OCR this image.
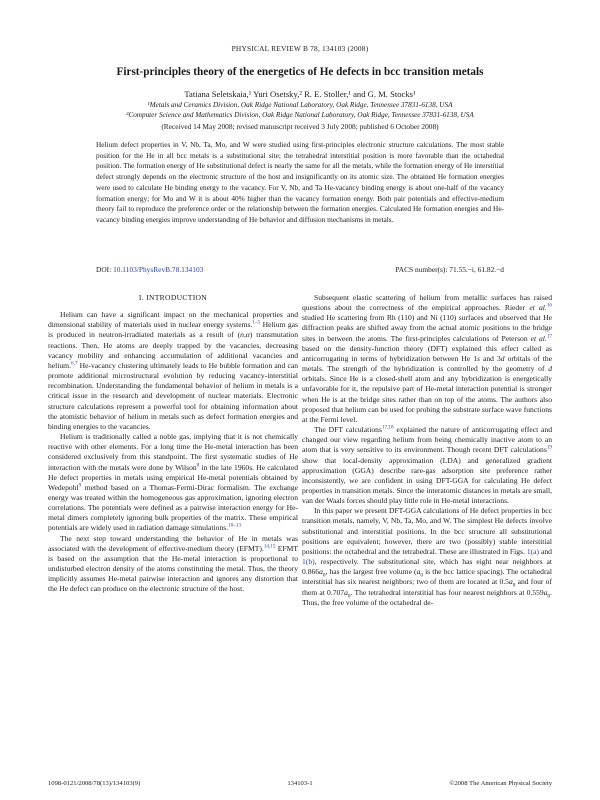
PHYSICAL REVIEW B 78, 134103 (2008)
First-principles theory of the energetics of He defects in bcc transition metals
Tatiana Seletskaia,¹ Yuri Osetsky,² R. E. Stoller,¹ and G. M. Stocks¹
¹Metals and Ceramics Division, Oak Ridge National Laboratory, Oak Ridge, Tennessee 37831-6138, USA
²Computer Science and Mathematics Division, Oak Ridge National Laboratory, Oak Ridge, Tennessee 37831-6138, USA
(Received 14 May 2008; revised manuscript received 3 July 2008; published 6 October 2008)
Helium defect properties in V, Nb, Ta, Mo, and W were studied using first-principles electronic structure calculations. The most stable position for the He in all bcc metals is a substitutional site; the tetrahedral interstitial position is more favorable than the octahedral position. The formation energy of He substitutional defect is nearly the same for all the metals, while the formation energy of He interstitial defect strongly depends on the electronic structure of the host and insignificantly on its atomic size. The obtained He formation energies were used to calculate He binding energy to the vacancy. For V, Nb, and Ta He-vacancy binding energy is about one-half of the vacancy formation energy; for Mo and W it is about 40% higher than the vacancy formation energy. Both pair potentials and effective-medium theory fail to reproduce the preference order or the relationship between the formation energies. Calculated He formation energies and He-vacancy binding energies improve understanding of He behavior and diffusion mechanisms in metals.
DOI: 10.1103/PhysRevB.78.134103	PACS number(s): 71.55.−i, 61.82.−d
I. INTRODUCTION

Helium can have a significant impact on the mechanical properties and dimensional stability of materials used in nuclear energy systems.$^{1-5}$ Helium gas is produced in neutron-irradiated materials as a result of (n,α) transmutation reactions. Then, He atoms are deeply trapped by the vacancies, decreasing vacancy mobility and enhancing accumulation of additional vacancies and helium.$^{6,7}$ He-vacancy clustering ultimately leads to He bubble formation and can promote additional microstructural evolution by reducing vacancy-interstitial recombination. Understanding the fundamental behavior of helium in metals is a critical issue in the research and development of nuclear materials. Electronic structure calculations represent a powerful tool for obtaining information about the atomistic behavior of helium in metals such as defect formation energies and binding energies to the vacancies.

Helium is traditionally called a noble gas, implying that it is not chemically reactive with other elements. For a long time the He-metal interaction has been considered exclusively from this standpoint. The first systematic studies of He interaction with the metals were done by Wilson$^8$ in the late 1960s. He calculated He defect properties in metals using empirical He-metal potentials obtained by Wedepohl$^9$ method based on a Thomas-Fermi-Dirac formalism. The exchange energy was treated within the homogeneous gas approximation, ignoring electron correlations. The potentials were defined as a pairwise interaction energy for He-metal dimers completely ignoring bulk properties of the matrix. These empirical potentials are widely used in radiation damage simulations.$^{10-13}$

The next step toward understanding the behavior of He in metals was associated with the development of effective-medium theory (EFMT).$^{14,15}$ EFMT is based on the assumption that the He-metal interaction is proportional to undisturbed electron density of the atoms constituting the metal. Thus, the theory implicitly assumes He-metal pairwise interaction and ignores any distortion that the He defect can produce on the electronic structure of the host.

Subsequent elastic scattering of helium from metallic surfaces has raised questions about the correctness of the empirical approaches. Rieder et al.$^{16}$ studied He scattering from Rh (110) and Ni (110) surfaces and observed that He diffraction peaks are shifted away from the actual atomic positions to the bridge sites in between the atoms. The first-principles calculations of Peterson et al.$^{17}$ based on the density-function theory (DFT) explained this effect called as anticorrugating in terms of hybridization between He 1s and 3d orbitals of the metals. The strength of the hybridization is controlled by the geometry of d orbitals. Since He is a closed-shell atom and any hybridization is energetically unfavorable for it, the repulsive part of He-metal interaction potential is stronger when He is at the bridge sites rather than on top of the atoms. The authors also proposed that helium can be used for probing the substrate surface wave functions at the Fermi level.

The DFT calculations$^{17,18}$ explained the nature of anticorrugating effect and changed our view regarding helium from being chemically inactive atom to an atom that is very sensitive to its environment. Though recent DFT calculations$^{19}$ show that local-density approximation (LDA) and generalized gradient approximation (GGA) describe rare-gas adsorption site preference rather inconsistently, we are confident in using DFT-GGA for calculating He defect properties in transition metals. Since the interatomic distances in metals are small, van der Waals forces should play little role in He-metal interactions.

In this paper we present DFT-GGA calculations of He defect properties in bcc transition metals, namely, V, Nb, Ta, Mo, and W. The simplest He defects involve substitutional and interstitial positions. In the bcc structure all substitutional positions are equivalent; however, there are two (possibly) stable interstitial positions: the octahedral and the tetrahedral. These are illustrated in Figs. 1(a) and 1(b), respectively. The substitutional site, which has eight near neighbors at $0.866a_0$, has the largest free volume ($a_0$ is the bcc lattice spacing). The octahedral interstitial has six nearest neighbors; two of them are located at $0.5a_0$ and four of them at $0.707a_0$. The tetrahedral interstitial has four nearest neighbors at $0.559a_0$. Thus, the free volume of the octahedral de-

1098-0121/2008/78(13)/134103(9)	134103-1	©2008 The American Physical Society
